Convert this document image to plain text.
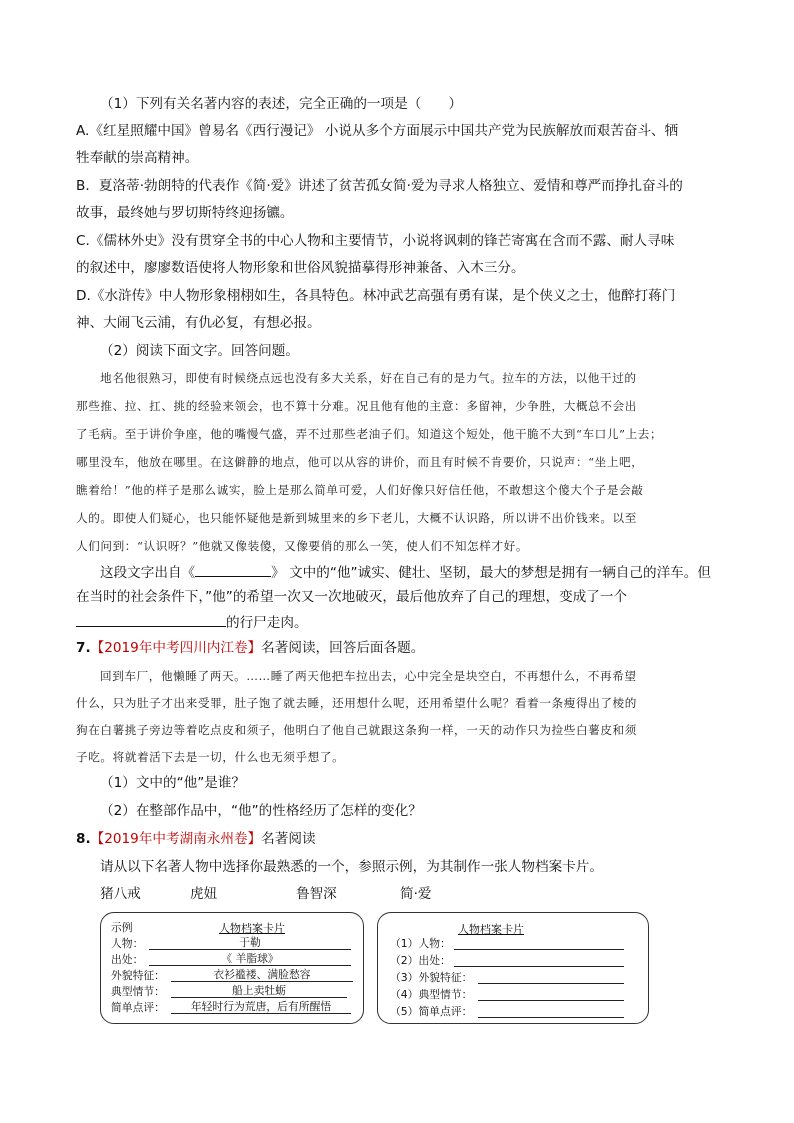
（1）下列有关名著内容的表述，完全正确的一项是（　　）
A.《红星照耀中国》曾易名《西行漫记》 小说从多个方面展示中国共产党为民族解放而艰苦奋斗、牺
牲奉献的崇高精神。
B．夏洛蒂·勃朗特的代表作《简·爱》讲述了贫苦孤女简·爱为寻求人格独立、爱情和尊严而挣扎奋斗的
故事，最终她与罗切斯特终迎扬镳。
C.《儒林外史》没有贯穿全书的中心人物和主要情节，小说将讽刺的锋芒寄寓在含而不露、耐人寻味
的叙述中，廖廖数语使将人物形象和世俗风貌描摹得形神兼备、入木三分。
D.《水浒传》中人物形象栩栩如生，各具特色。林冲武艺高强有勇有谋，是个侠义之士，他醉打蒋门
神、大闹飞云浦，有仇必复，有想必报。
（2）阅读下面文字。回答问题。
地名他很熟习，即使有时候绕点远也没有多大关系，好在自己有的是力气。拉车的方法，以他干过的
那些推、拉、扛、挑的经验来领会，也不算十分难。况且他有他的主意：多留神，少争胜，大概总不会出
了毛病。至于讲价争座，他的嘴慢气盛，弄不过那些老油子们。知道这个短处，他干脆不大到“车口儿”上去；
哪里没车，他放在哪里。在这僻静的地点，他可以从容的讲价，而且有时候不肯要价，只说声：“坐上吧，
瞧着给！”他的样子是那么诚实，脸上是那么简单可爱，人们好像只好信任他，不敢想这个傻大个子是会敲
人的。即使人们疑心，也只能怀疑他是新到城里来的乡下老儿，大概不认识路，所以讲不出价钱来。以至
人们问到：“认识呀？”他就又像装傻，又像要俏的那么一笑，使人们不知怎样才好。
这段文字出自《	》 文中的“他”诚实、健壮、坚韧，最大的梦想是拥有一辆自己的洋车。但
在当时的社会条件下，”他”的希望一次又一次地破灭，最后他放弃了自己的理想，变成了一个
的行尸走肉。
7.【2019年中考四川内江卷】名著阅读，回答后面各题。
回到车厂，他懒睡了两天。……睡了两天他把车拉出去，心中完全是块空白，不再想什么，不再希望
什么，只为肚子才出来受罪，肚子饱了就去睡，还用想什么呢，还用希望什么呢？看着一条瘦得出了棱的
狗在白薯挑子旁边等着吃点皮和须子，他明白了他自己就跟这条狗一样，一天的动作只为捡些白薯皮和须
子吃。将就着活下去是一切，什么也无须乎想了。
（1）文中的“他”是谁？
（2）在整部作品中，“他”的性格经历了怎样的变化？
8.【2019年中考湖南永州卷】名著阅读
请从以下名著人物中选择你最熟悉的一个，参照示例，为其制作一张人物档案卡片。
猪八戒	虎妞	鲁智深	简·爱
示例	人物档案卡片
人物：	于勒
出处：	《 羊脂球》
外貌特征：	衣衫褴褛、满脸愁容
典型情节：	船上卖牡蛎
简单点评：	年轻时行为荒唐，后有所醒悟
人物档案卡片
（1）人物：
（2）出处：
（3）外貌特征：
（4）典型情节：
（5）简单点评：
